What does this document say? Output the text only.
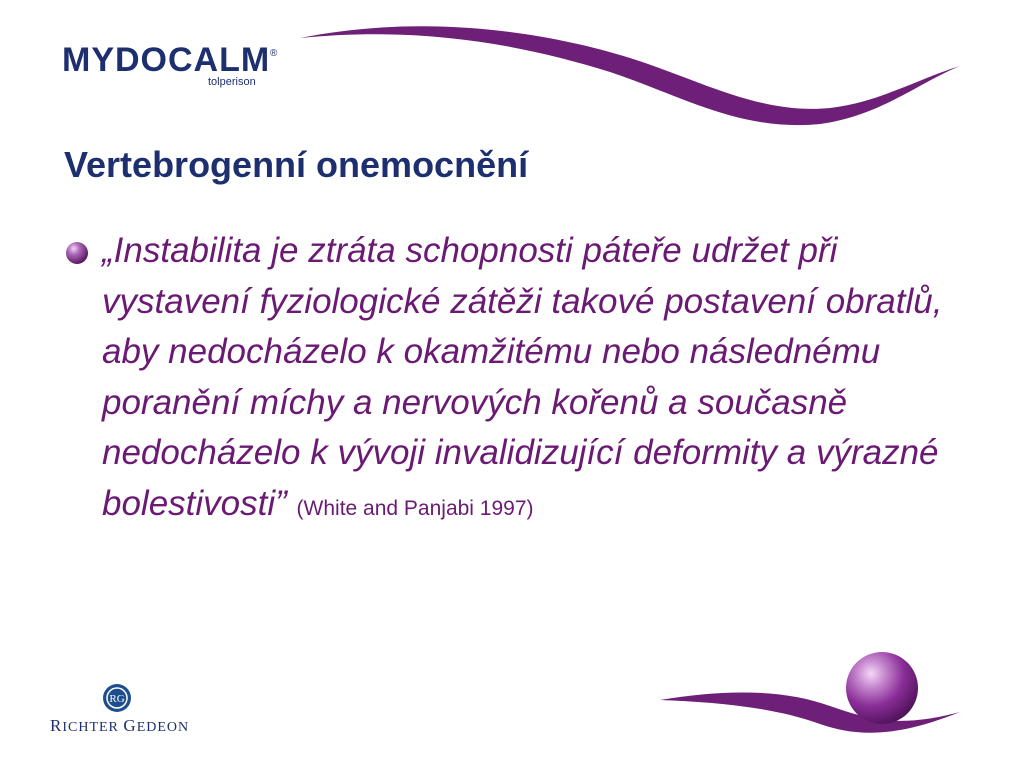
MYDOCALM ®
tolperison
Vertebrogenní onemocnění

„Instabilita je ztráta schopnosti páteře udržet při vystavení fyziologické zátěži takové postavení obratlů, aby nedocházelo k okamžitému nebo následnému poranění míchy a nervových kořenů a současně nedocházelo k vývoji invalidizující deformity a výrazné bolestivosti” (White and Panjabi 1997)

RG
RICHTER GEDEON
